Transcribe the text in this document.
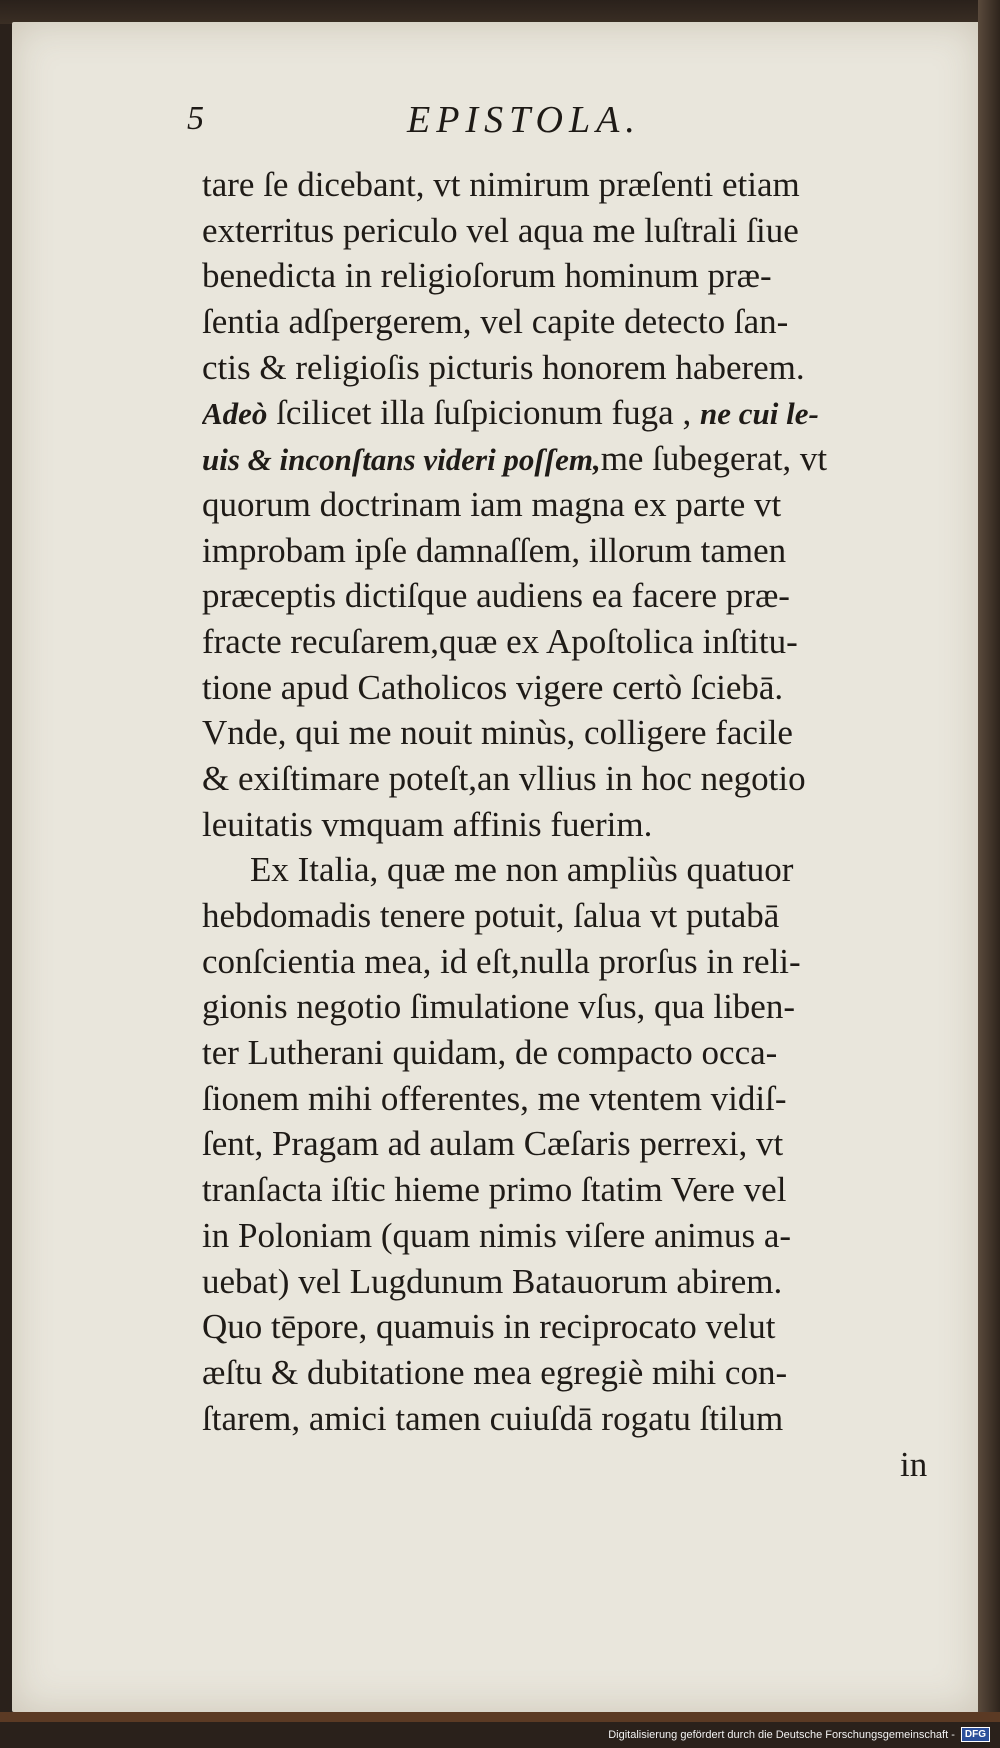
5	EPISTOLA.
tare ſe dicebant, vt nimirum præſenti etiam
exterritus periculo vel aqua me luſtrali ſiue
benedicta in religioſorum hominum præ-
ſentia adſpergerem, vel capite detecto ſan-
ctis & religioſis picturis honorem haberem.
Adeò ſcilicet illa ſuſpicionum fuga , ne cui le-
uis & inconſtans videri poſſem,me ſubegerat, vt
quorum doctrinam iam magna ex parte vt
improbam ipſe damnaſſem, illorum tamen
præceptis dictiſque audiens ea facere præ-
fracte recuſarem,quæ ex Apoſtolica inſtitu-
tione apud Catholicos vigere certò ſciebā.
Vnde, qui me nouit minùs, colligere facile
& exiſtimare poteſt,an vllius in hoc negotio
leuitatis vmquam affinis fuerim.
Ex Italia, quæ me non ampliùs quatuor
hebdomadis tenere potuit, ſalua vt putabā
conſcientia mea, id eſt,nulla prorſus in reli-
gionis negotio ſimulatione vſus, qua liben-
ter Lutherani quidam, de compacto occa-
ſionem mihi offerentes, me vtentem vidiſ-
ſent, Pragam ad aulam Cæſaris perrexi, vt
tranſacta iſtic hieme primo ſtatim Vere vel
in Poloniam (quam nimis viſere animus a-
uebat) vel Lugdunum Batauorum abirem.
Quo tēpore, quamuis in reciprocato velut
æſtu & dubitatione mea egregiè mihi con-
ſtarem, amici tamen cuiuſdā rogatu ſtilum
in
Digitalisierung gefördert durch die Deutsche Forschungsgemeinschaft -	DFG
